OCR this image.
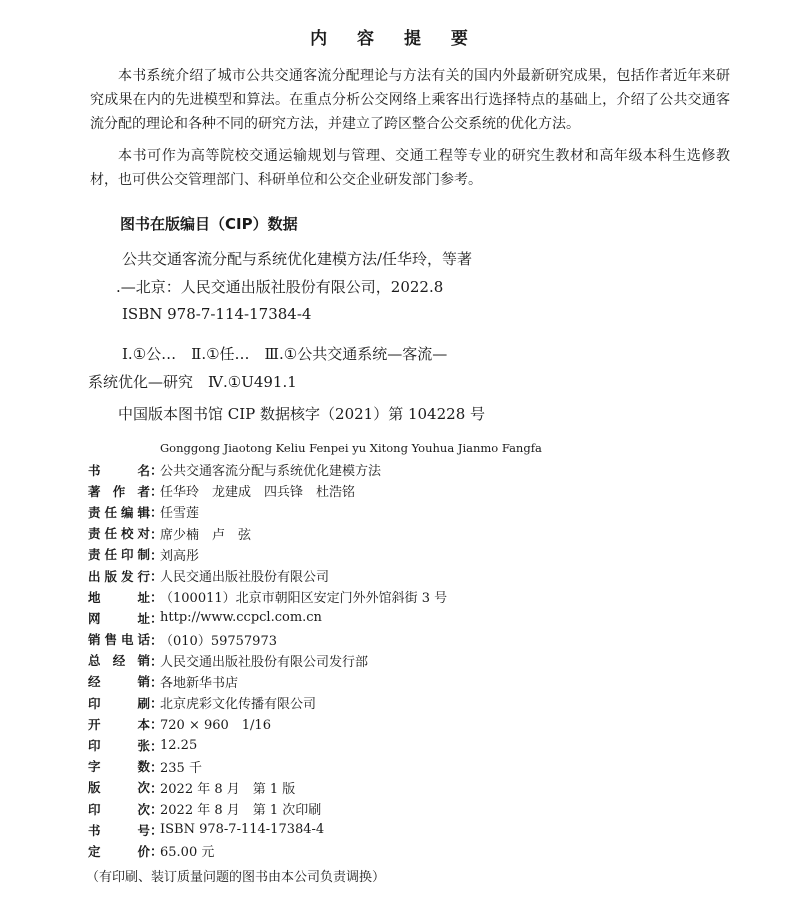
内 容 提 要

本书系统介绍了城市公共交通客流分配理论与方法有关的国内外最新研究成果，包括作者近年来研究成果在内的先进模型和算法。在重点分析公交网络上乘客出行选择特点的基础上，介绍了公共交通客流分配的理论和各种不同的研究方法，并建立了跨区整合公交系统的优化方法。

本书可作为高等院校交通运输规划与管理、交通工程等专业的研究生教材和高年级本科生选修教材，也可供公交管理部门、科研单位和公交企业研发部门参考。

图书在版编目（CIP）数据
公共交通客流分配与系统优化建模方法/任华玲，等著
.—北京：人民交通出版社股份有限公司，2022.8
ISBN 978-7-114-17384-4
Ⅰ.①公…　Ⅱ.①任…　Ⅲ.①公共交通系统—客流—
系统优化—研究　Ⅳ.①U491.1
中国版本图书馆 CIP 数据核字（2021）第 104228 号
Gonggong Jiaotong Keliu Fenpei yu Xitong Youhua Jianmo Fangfa
书名 ：
公共交通客流分配与系统优化建模方法
著作者 ：
任华玲　龙建成　四兵锋　杜浩铭
责任编辑 ：
任雪莲
责任校对 ：
席少楠　卢　弦
责任印制 ：
刘高彤
出版发行 ：
人民交通出版社股份有限公司
地址 ：
（100011）北京市朝阳区安定门外外馆斜街 3 号
网址 ：
http://www.ccpcl.com.cn
销售电话 ：
（010）59757973
总经销 ：
人民交通出版社股份有限公司发行部
经销 ：
各地新华书店
印刷 ：
北京虎彩文化传播有限公司
开本 ：
720 × 960　1/16
印张 ：
12.25
字数 ：
235 千
版次 ：
2022 年 8 月　第 1 版
印次 ：
2022 年 8 月　第 1 次印刷
书号 ：
ISBN 978-7-114-17384-4
定价 ：
65.00 元
（有印刷、装订质量问题的图书由本公司负责调换）
